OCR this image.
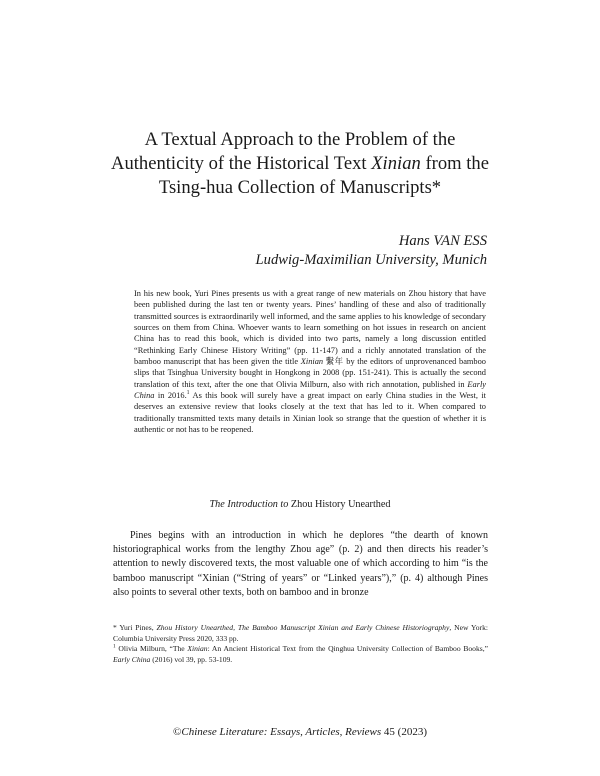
A Textual Approach to the Problem of the
Authenticity of the Historical Text Xinian from the
Tsing-hua Collection of Manuscripts*
Hans VAN ESS
Ludwig-Maximilian University, Munich

In his new book, Yuri Pines presents us with a great range of new materials on Zhou history that have been published during the last ten or twenty years. Pines’ handling of these and also of traditionally transmitted sources is extraordinarily well informed, and the same applies to his knowledge of secondary sources on them from China. Whoever wants to learn something on hot issues in research on ancient China has to read this book, which is divided into two parts, namely a long discussion entitled “Rethinking Early Chinese History Writing” (pp. 11-147) and a richly annotated translation of the bamboo manuscript that has been given the title Xinian 繫年 by the editors of unprovenanced bamboo slips that Tsinghua University bought in Hongkong in 2008 (pp. 151-241). This is actually the second translation of this text, after the one that Olivia Milburn, also with rich annotation, published in Early China in 2016.$^1$ As this book will surely have a great impact on early China studies in the West, it deserves an extensive review that looks closely at the text that has led to it. When compared to traditionally transmitted texts many details in Xinian look so strange that the question of whether it is authentic or not has to be reopened.

The Introduction to Zhou History Unearthed

Pines begins with an introduction in which he deplores “the dearth of known historiographical works from the lengthy Zhou age” (p. 2) and then directs his reader’s attention to newly discovered texts, the most valuable one of which according to him “is the bamboo manuscript “Xinian (“String of years” or “Linked years”),” (p. 4) although Pines also points to several other texts, both on bamboo and in bronze

* Yuri Pines, Zhou History Unearthed, The Bamboo Manuscript Xinian and Early Chinese Historiography, New York: Columbia University Press 2020, 333 pp.

$^1$ Olivia Milburn, “The Xinian: An Ancient Historical Text from the Qinghua University Collection of Bamboo Books,” Early China (2016) vol 39, pp. 53-109.

©Chinese Literature: Essays, Articles, Reviews 45 (2023)
